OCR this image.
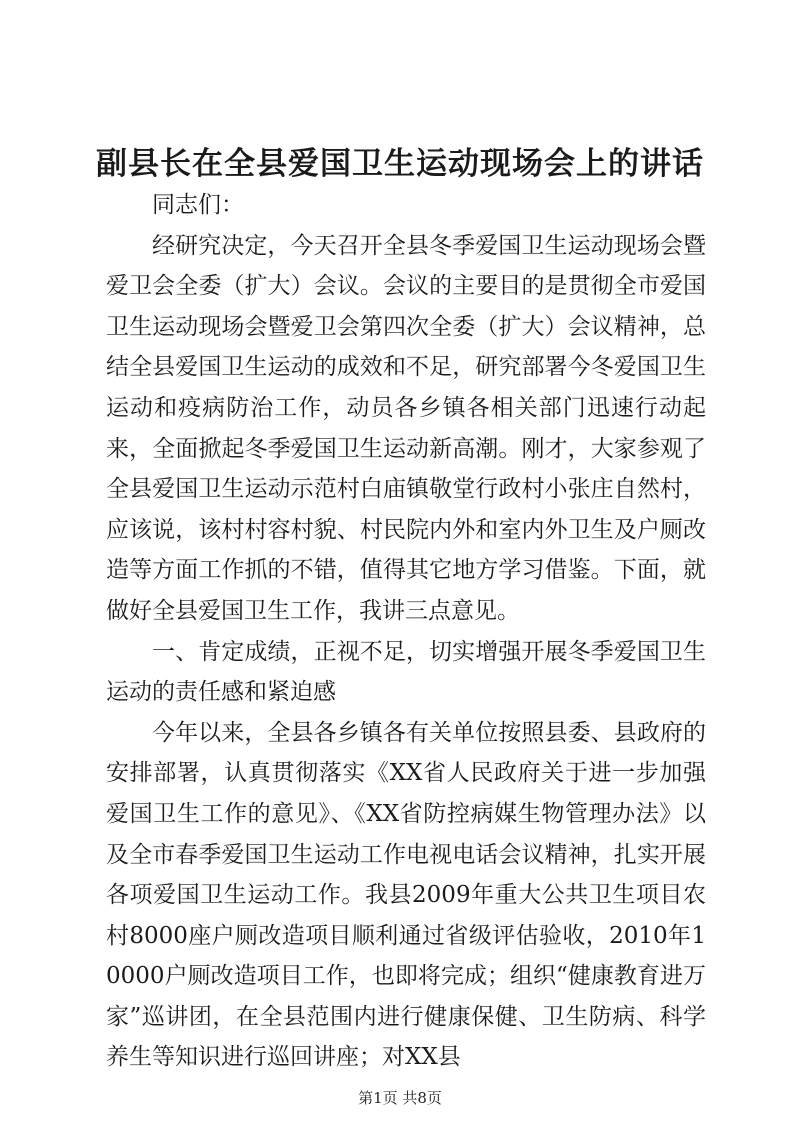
副县长在全县爱国卫生运动现场会上的讲话

同志们：

经研究决定，今天召开全县冬季爱国卫生运动现场会暨爱卫会全委（扩大）会议。会议的主要目的是贯彻全市爱国卫生运动现场会暨爱卫会第四次全委（扩大）会议精神，总结全县爱国卫生运动的成效和不足，研究部署今冬爱国卫生运动和疫病防治工作，动员各乡镇各相关部门迅速行动起来，全面掀起冬季爱国卫生运动新高潮。刚才，大家参观了全县爱国卫生运动示范村白庙镇敬堂行政村小张庄自然村，应该说，该村村容村貌、村民院内外和室内外卫生及户厕改造等方面工作抓的不错，值得其它地方学习借鉴。下面，就做好全县爱国卫生工作，我讲三点意见。

一、肯定成绩，正视不足，切实增强开展冬季爱国卫生运动的责任感和紧迫感

今年以来，全县各乡镇各有关单位按照县委、县政府的安排部署，认真贯彻落实《XX省人民政府关于进一步加强爱国卫生工作的意见》、《XX省防控病媒生物管理办法》以及全市春季爱国卫生运动工作电视电话会议精神，扎实开展各项爱国卫生运动工作。我县2009年重大公共卫生项目农村8000座户厕改造项目顺利通过省级评估验收，2010年10000户厕改造项目工作，也即将完成；组织“健康教育进万家”巡讲团，在全县范围内进行健康保健、卫生防病、科学养生等知识进行巡回讲座；对XX县

第1页 共8页
